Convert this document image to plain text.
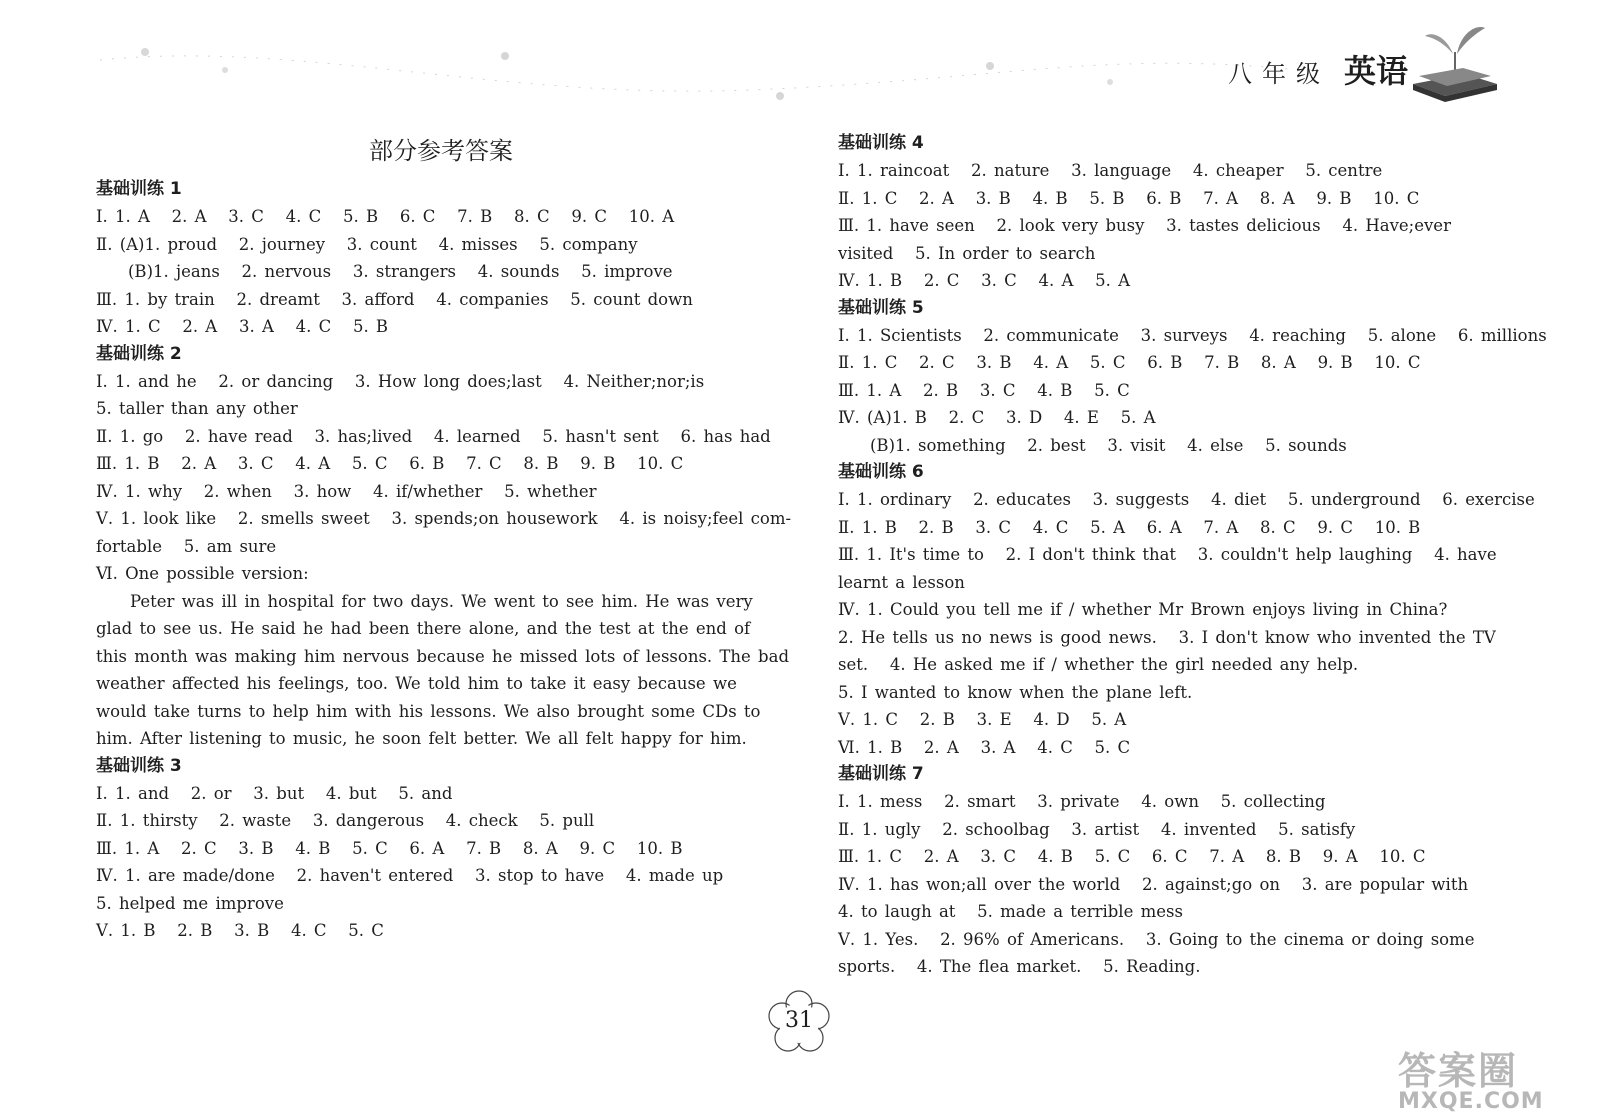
八年级 英语
部分参考答案
基础训练 1
Ⅰ. 1. A   2. A   3. C   4. C   5. B   6. C   7. B   8. C   9. C   10. A
Ⅱ. (A)1. proud   2. journey   3. count   4. misses   5. company
(B)1. jeans   2. nervous   3. strangers   4. sounds   5. improve
Ⅲ. 1. by train   2. dreamt   3. afford   4. companies   5. count down
Ⅳ. 1. C   2. A   3. A   4. C   5. B
基础训练 2
Ⅰ. 1. and he   2. or dancing   3. How long does;last   4. Neither;nor;is
5. taller than any other
Ⅱ. 1. go   2. have read   3. has;lived   4. learned   5. hasn't sent   6. has had
Ⅲ. 1. B   2. A   3. C   4. A   5. C   6. B   7. C   8. B   9. B   10. C
Ⅳ. 1. why   2. when   3. how   4. if/whether   5. whether
Ⅴ. 1. look like   2. smells sweet   3. spends;on housework   4. is noisy;feel com-
fortable   5. am sure
Ⅵ. One possible version:
Peter was ill in hospital for two days. We went to see him. He was very
glad to see us. He said he had been there alone, and the test at the end of
this month was making him nervous because he missed lots of lessons. The bad
weather affected his feelings, too. We told him to take it easy because we
would take turns to help him with his lessons. We also brought some CDs to
him. After listening to music, he soon felt better. We all felt happy for him.
基础训练 3
Ⅰ. 1. and   2. or   3. but   4. but   5. and
Ⅱ. 1. thirsty   2. waste   3. dangerous   4. check   5. pull
Ⅲ. 1. A   2. C   3. B   4. B   5. C   6. A   7. B   8. A   9. C   10. B
Ⅳ. 1. are made/done   2. haven't entered   3. stop to have   4. made up
5. helped me improve
Ⅴ. 1. B   2. B   3. B   4. C   5. C
基础训练 4
Ⅰ. 1. raincoat   2. nature   3. language   4. cheaper   5. centre
Ⅱ. 1. C   2. A   3. B   4. B   5. B   6. B   7. A   8. A   9. B   10. C
Ⅲ. 1. have seen   2. look very busy   3. tastes delicious   4. Have;ever
visited   5. In order to search
Ⅳ. 1. B   2. C   3. C   4. A   5. A
基础训练 5
Ⅰ. 1. Scientists   2. communicate   3. surveys   4. reaching   5. alone   6. millions
Ⅱ. 1. C   2. C   3. B   4. A   5. C   6. B   7. B   8. A   9. B   10. C
Ⅲ. 1. A   2. B   3. C   4. B   5. C
Ⅳ. (A)1. B   2. C   3. D   4. E   5. A
(B)1. something   2. best   3. visit   4. else   5. sounds
基础训练 6
Ⅰ. 1. ordinary   2. educates   3. suggests   4. diet   5. underground   6. exercise
Ⅱ. 1. B   2. B   3. C   4. C   5. A   6. A   7. A   8. C   9. C   10. B
Ⅲ. 1. It's time to   2. I don't think that   3. couldn't help laughing   4. have
learnt a lesson
Ⅳ. 1. Could you tell me if / whether Mr Brown enjoys living in China?
2. He tells us no news is good news.   3. I don't know who invented the TV
set.   4. He asked me if / whether the girl needed any help.
5. I wanted to know when the plane left.
Ⅴ. 1. C   2. B   3. E   4. D   5. A
Ⅵ. 1. B   2. A   3. A   4. C   5. C
基础训练 7
Ⅰ. 1. mess   2. smart   3. private   4. own   5. collecting
Ⅱ. 1. ugly   2. schoolbag   3. artist   4. invented   5. satisfy
Ⅲ. 1. C   2. A   3. C   4. B   5. C   6. C   7. A   8. B   9. A   10. C
Ⅳ. 1. has won;all over the world   2. against;go on   3. are popular with
4. to laugh at   5. made a terrible mess
Ⅴ. 1. Yes.   2. 96% of Americans.   3. Going to the cinema or doing some
sports.   4. The flea market.   5. Reading.
31
答案圈
MXQE.COM
